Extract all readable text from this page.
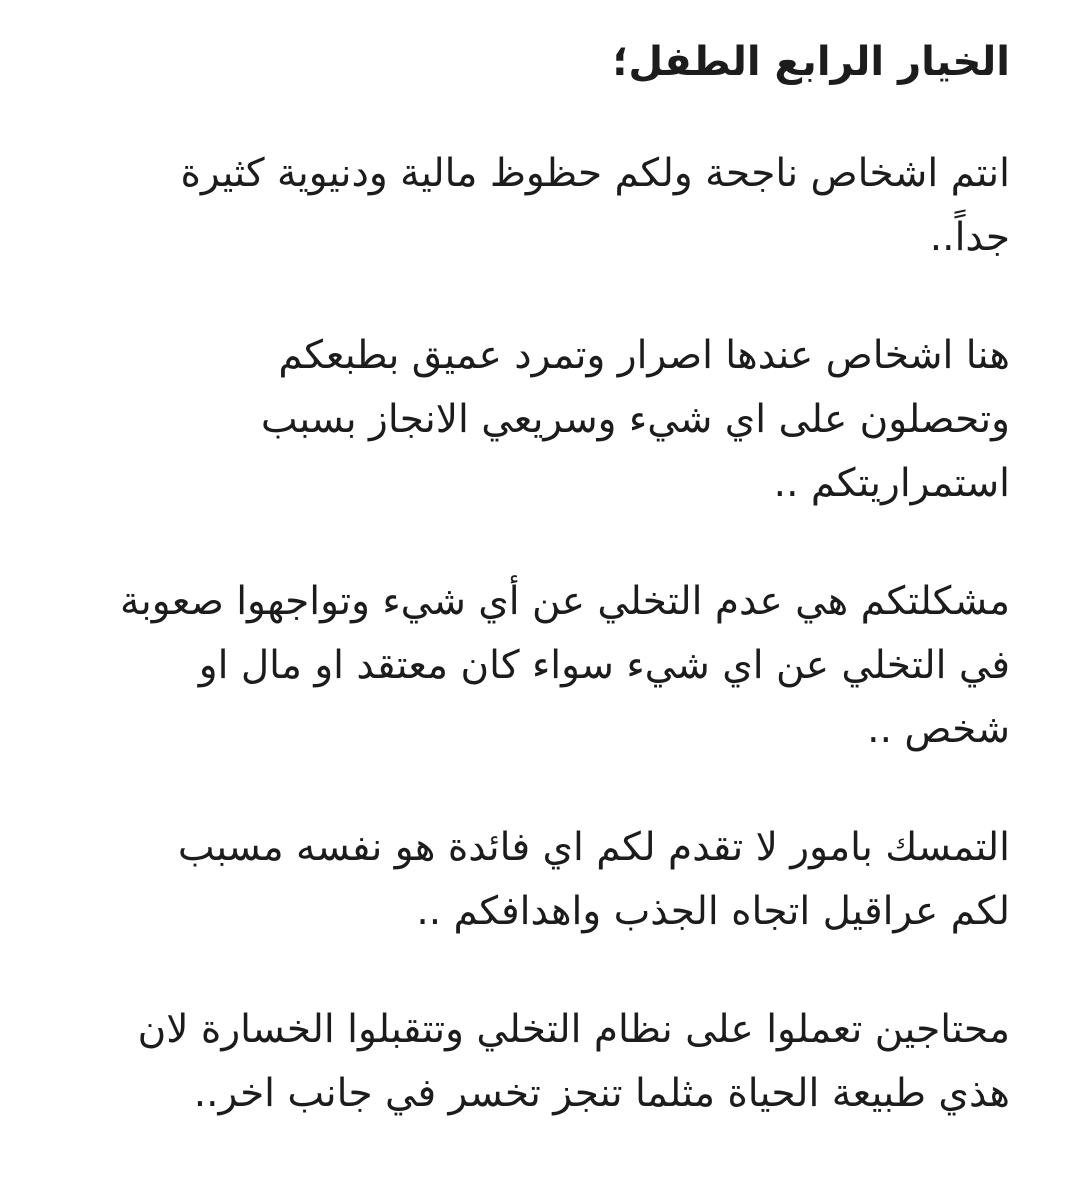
الخيار الرابع الطفل؛

انتم اشخاص ناجحة ولكم حظوظ مالية ودنيوية كثيرة
جداً..

هنا اشخاص عندها اصرار وتمرد عميق بطبعكم
وتحصلون على اي شيء وسريعي الانجاز بسبب
استمراريتكم ..

مشكلتكم هي عدم التخلي عن أي شيء وتواجهوا صعوبة
في التخلي عن اي شيء سواء كان معتقد او مال او
شخص ..

التمسك بامور لا تقدم لكم اي فائدة هو نفسه مسبب
لكم عراقيل اتجاه الجذب واهدافكم ..

محتاجين تعملوا على نظام التخلي وتتقبلوا الخسارة لان
هذي طبيعة الحياة مثلما تنجز تخسر في جانب اخر..
